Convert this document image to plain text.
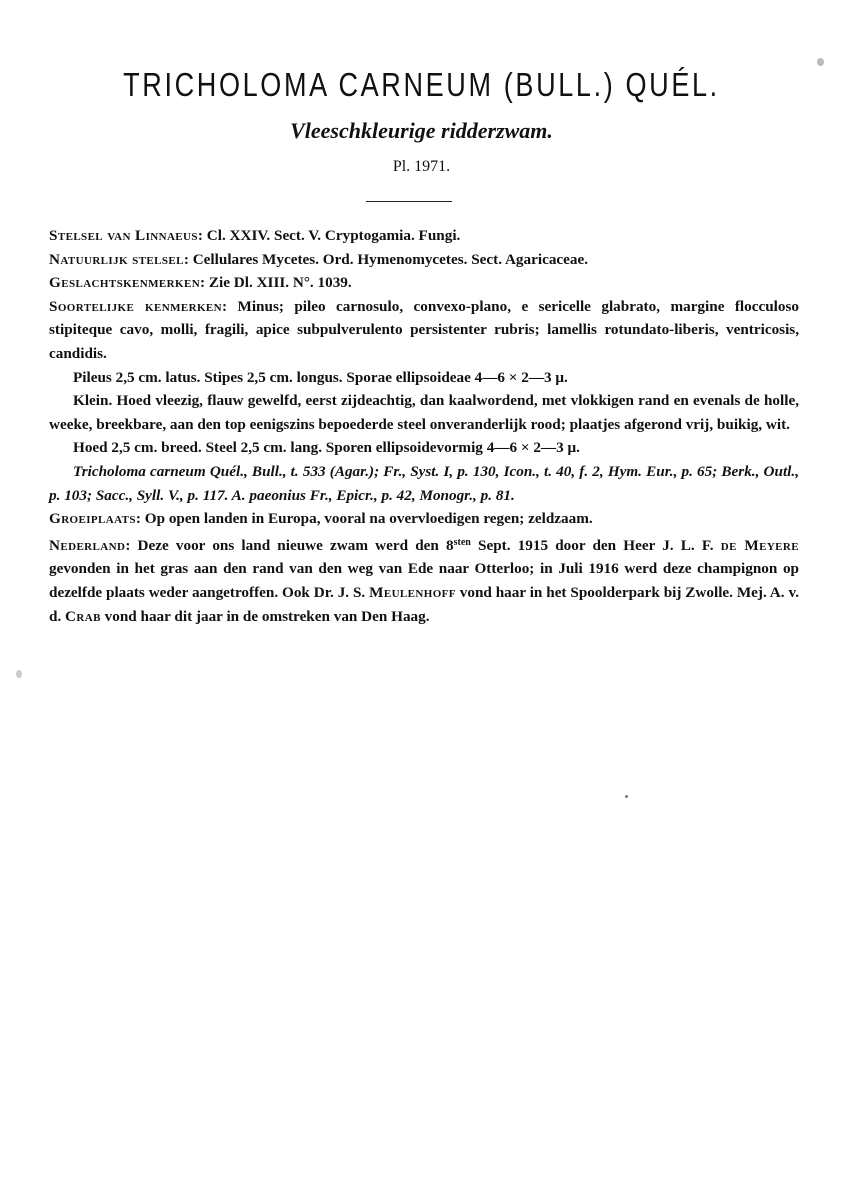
TRICHOLOMA CARNEUM (BULL.) QUÉL.
Vleeschkleurige ridderzwam.
Pl. 1971.

Stelsel van Linnaeus: Cl. XXIV. Sect. V. Cryptogamia. Fungi.

Natuurlijk stelsel: Cellulares Mycetes. Ord. Hymenomycetes. Sect. Agaricaceae.

Geslachtskenmerken: Zie Dl. XIII. N°. 1039.

Soortelijke kenmerken: Minus; pileo carnosulo, convexo-plano, e sericelle glabrato, margine flocculoso stipiteque cavo, molli, fragili, apice subpulverulento persistenter rubris; lamellis rotundato-liberis, ventricosis, candidis.

Pileus 2,5 cm. latus. Stipes 2,5 cm. longus. Sporae ellipsoideae 4—6 × 2—3 μ.

Klein. Hoed vleezig, flauw gewelfd, eerst zijdeachtig, dan kaalwordend, met vlokkigen rand en evenals de holle, weeke, breekbare, aan den top eenigszins bepoederde steel onveranderlijk rood; plaatjes afgerond vrij, buikig, wit.

Hoed 2,5 cm. breed. Steel 2,5 cm. lang. Sporen ellipsoidevormig 4—6 × 2—3 μ.

Tricholoma carneum Quél., Bull., t. 533 (Agar.); Fr., Syst. I, p. 130, Icon., t. 40, f. 2, Hym. Eur., p. 65; Berk., Outl., p. 103; Sacc., Syll. V., p. 117. A. paeonius Fr., Epicr., p. 42, Monogr., p. 81.

Groeiplaats: Op open landen in Europa, vooral na overvloedigen regen; zeldzaam.

Nederland: Deze voor ons land nieuwe zwam werd den $8^{sten}$ Sept. 1915 door den Heer J. L. F. de Meyere gevonden in het gras aan den rand van den weg van Ede naar Otterloo; in Juli 1916 werd deze champignon op dezelfde plaats weder aangetroffen. Ook Dr. J. S. Meulenhoff vond haar in het Spoolderpark bij Zwolle. Mej. A. v. d. Crab vond haar dit jaar in de omstreken van Den Haag.
